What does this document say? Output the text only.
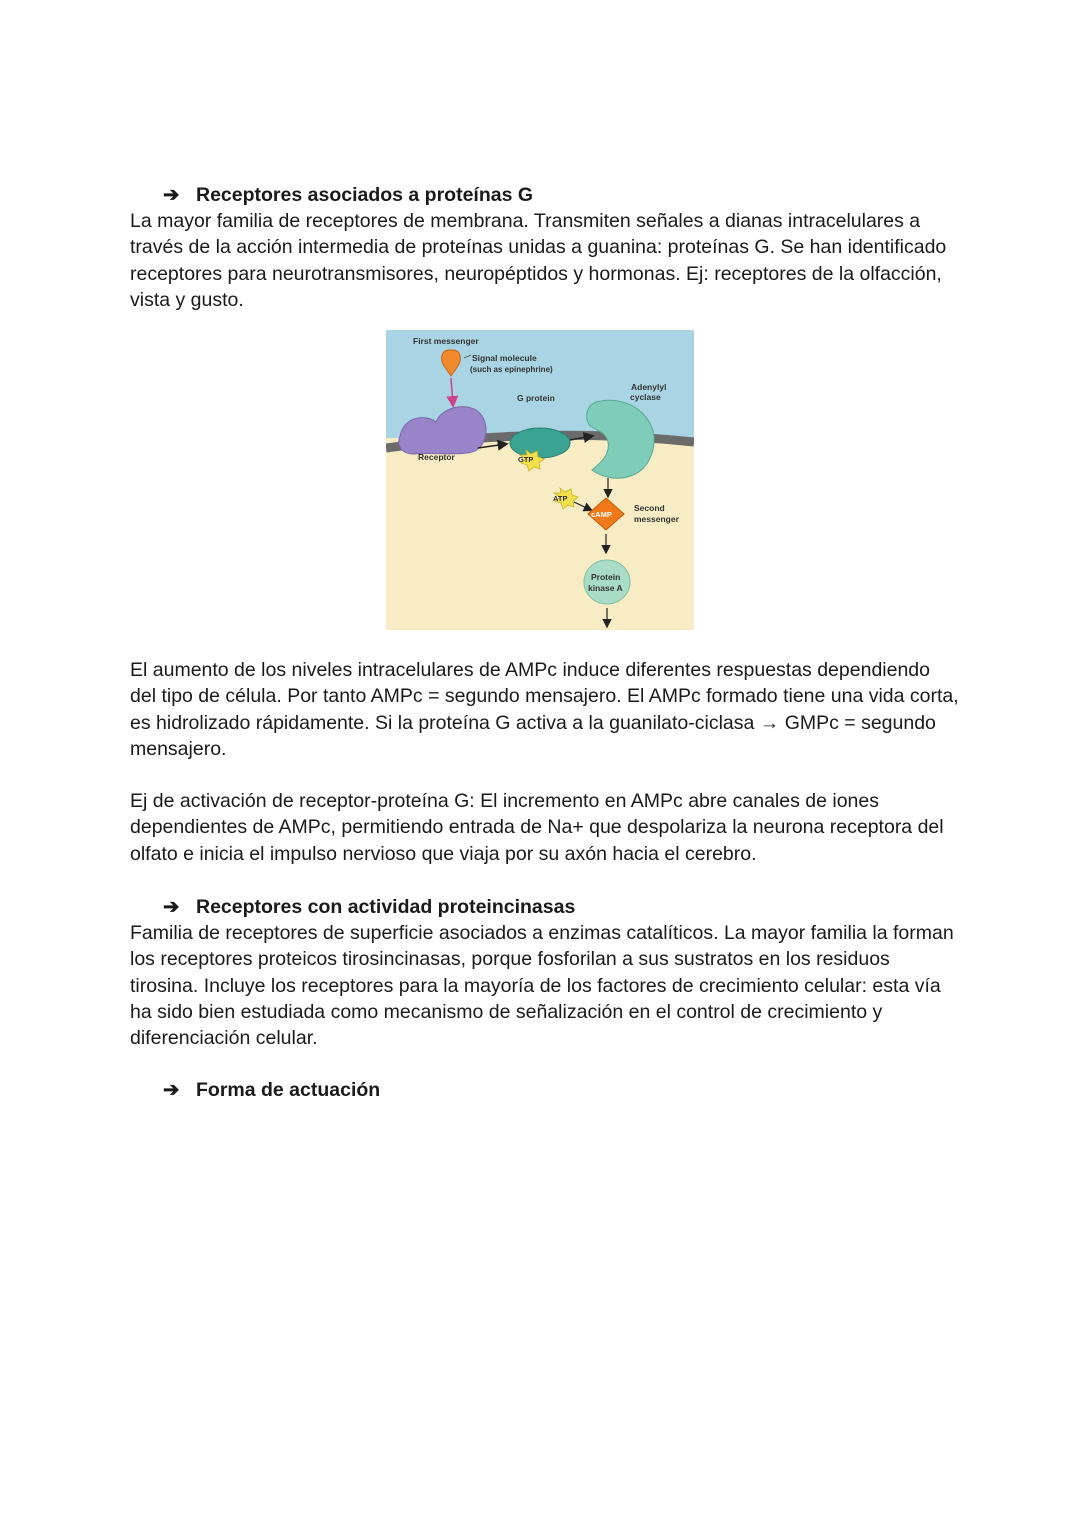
➔ Receptores asociados a proteínas G

La mayor familia de receptores de membrana. Transmiten señales a dianas intracelulares a través de la acción intermedia de proteínas unidas a guanina: proteínas G. Se han identificado receptores para neurotransmisores, neuropéptidos y hormonas. Ej: receptores de la olfacción, vista y gusto.

First messenger
Signal molecule
(such as epinephrine)
G protein
Adenylyl
cyclase
Receptor	GTP
ATP
cAMP
Second
messenger
Protein
kinase A

El aumento de los niveles intracelulares de AMPc induce diferentes respuestas dependiendo del tipo de célula. Por tanto AMPc = segundo mensajero. El AMPc formado tiene una vida corta, es hidrolizado rápidamente. Si la proteína G activa a la guanilato-ciclasa → GMPc = segundo mensajero.

Ej de activación de receptor-proteína G: El incremento en AMPc abre canales de iones dependientes de AMPc, permitiendo entrada de Na+ que despolariza la neurona receptora del olfato e inicia el impulso nervioso que viaja por su axón hacia el cerebro.

➔ Receptores con actividad proteincinasas

Familia de receptores de superficie asociados a enzimas catalíticos. La mayor familia la forman los receptores proteicos tirosincinasas, porque fosforilan a sus sustratos en los residuos tirosina. Incluye los receptores para la mayoría de los factores de crecimiento celular: esta vía ha sido bien estudiada como mecanismo de señalización en el control de crecimiento y diferenciación celular.

➔ Forma de actuación
